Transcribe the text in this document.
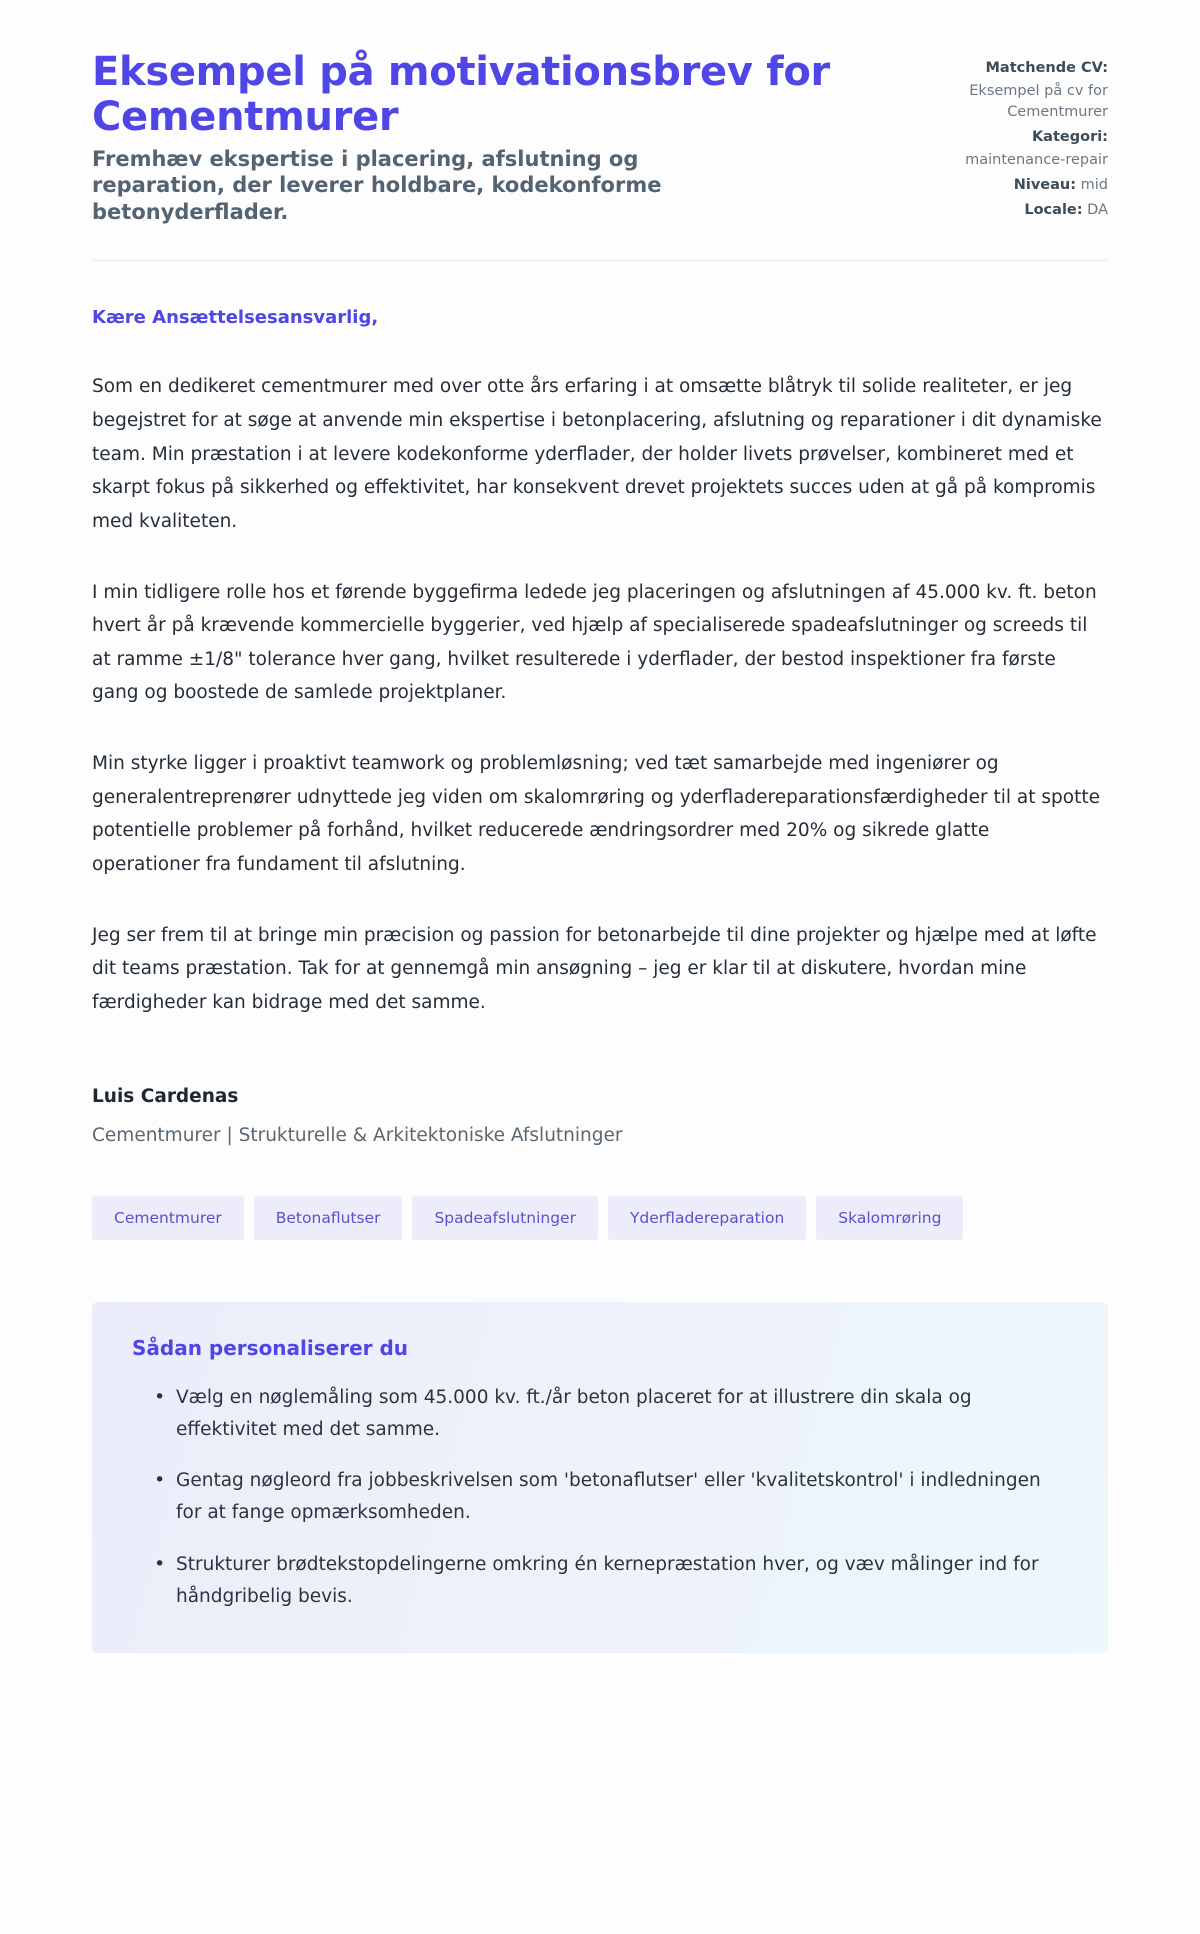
Eksempel på motivationsbrev for Cementmurer

Fremhæv ekspertise i placering, afslutning og reparation, der leverer holdbare, kodekonforme betonyderflader.

Matchende CV:
Eksempel på cv for Cementmurer
Kategori:
maintenance-repair
Niveau: mid
Locale: DA

Kære Ansættelsesansvarlig,

Som en dedikeret cementmurer med over otte års erfaring i at omsætte blåtryk til solide realiteter, er jeg begejstret for at søge at anvende min ekspertise i betonplacering, afslutning og reparationer i dit dynamiske team. Min præstation i at levere kodekonforme yderflader, der holder livets prøvelser, kombineret med et skarpt fokus på sikkerhed og effektivitet, har konsekvent drevet projektets succes uden at gå på kompromis med kvaliteten.

I min tidligere rolle hos et førende byggefirma ledede jeg placeringen og afslutningen af 45.000 kv. ft. beton hvert år på krævende kommercielle byggerier, ved hjælp af specialiserede spadeafslutninger og screeds til at ramme ±1/8" tolerance hver gang, hvilket resulterede i yderflader, der bestod inspektioner fra første gang og boostede de samlede projektplaner.

Min styrke ligger i proaktivt teamwork og problemløsning; ved tæt samarbejde med ingeniører og generalentreprenører udnyttede jeg viden om skalomrøring og yderfladereparationsfærdigheder til at spotte potentielle problemer på forhånd, hvilket reducerede ændringsordrer med 20% og sikrede glatte operationer fra fundament til afslutning.

Jeg ser frem til at bringe min præcision og passion for betonarbejde til dine projekter og hjælpe med at løfte dit teams præstation. Tak for at gennemgå min ansøgning – jeg er klar til at diskutere, hvordan mine færdigheder kan bidrage med det samme.

Luis Cardenas

Cementmurer | Strukturelle & Arkitektoniske Afslutninger

Cementmurer	Betonaflutser	Spadeafslutninger	Yderfladereparation	Skalomrøring
Sådan personaliserer du
• Vælg en nøglemåling som 45.000 kv. ft./år beton placeret for at illustrere din skala og effektivitet med det samme.
• Gentag nøgleord fra jobbeskrivelsen som 'betonaflutser' eller 'kvalitetskontrol' i indledningen for at fange opmærksomheden.
• Strukturer brødtekstopdelingerne omkring én kernepræstation hver, og væv målinger ind for håndgribelig bevis.
